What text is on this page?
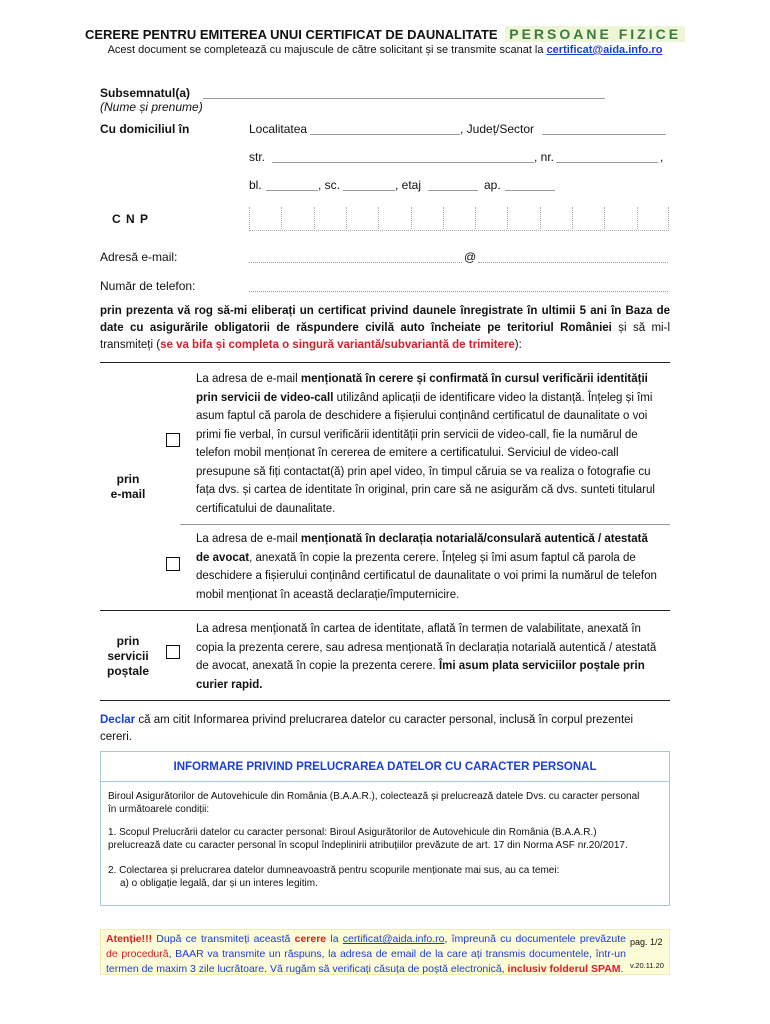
CERERE PENTRU EMITEREA UNUI CERTIFICAT DE DAUNALITATE PERSOANE FIZICE
Acest document se completează cu majuscule de către solicitant și se transmite scanat la certificat@aida.info.ro
Subsemnatul(a)
(Nume și prenume)
Cu domiciliul în	Localitatea	, Județ/Sector
str.	, nr.	,
bl.	, sc.	, etaj	ap.
C N P
Adresă e-mail:	@
Număr de telefon:
prin prezenta vă rog să-mi eliberați un certificat privind daunele înregistrate în ultimii 5 ani în Baza de date cu asigurările obligatorii de răspundere civilă auto încheiate pe teritoriul României și să mi-l transmiteți (se va bifa și completa o singură variantă/subvariantă de trimitere):
prin
e-mail
La adresa de e-mail menționată în cerere și confirmată în cursul verificării identității
prin servicii de video-call utilizând aplicații de identificare video la distanță. Înțeleg și îmi
asum faptul că parola de deschidere a fișierului conținând certificatul de daunalitate o voi
primi fie verbal, în cursul verificării identității prin servicii de video-call, fie la numărul de
telefon mobil menționat în cererea de emitere a certificatului. Serviciul de video-call
presupune să fiți contactat(ă) prin apel video, în timpul căruia se va realiza o fotografie cu
fața dvs. și cartea de identitate în original, prin care să ne asigurăm că dvs. sunteti titularul
certificatului de daunalitate.
La adresa de e-mail menționată în declarația notarială/consulară autentică / atestată
de avocat, anexată în copie la prezenta cerere. Înțeleg și îmi asum faptul că parola de
deschidere a fișierului conținând certificatul de daunalitate o voi primi la numărul de telefon
mobil menționat în această declarație/împuternicire.
prin
servicii
poștale
La adresa menționată în cartea de identitate, aflată în termen de valabilitate, anexată în
copia la prezenta cerere, sau adresa menționată în declarația notarială autentică / atestată
de avocat, anexată în copie la prezenta cerere. Îmi asum plata serviciilor poștale prin
curier rapid.
Declar că am citit Informarea privind prelucrarea datelor cu caracter personal, inclusă în corpul prezentei
cereri.
INFORMARE PRIVIND PRELUCRAREA DATELOR CU CARACTER PERSONAL
Biroul Asigurătorilor de Autovehicule din România (B.A.A.R.), colectează și prelucrează datele Dvs. cu caracter personal
în următoarele condiții:
1. Scopul Prelucrării datelor cu caracter personal: Biroul Asigurătorilor de Autovehicule din România (B.A.A.R.)
prelucrează date cu caracter personal în scopul îndeplinirii atribuțiilor prevăzute de art. 17 din Norma ASF nr.20/2017.
2. Colectarea și prelucrarea datelor dumneavoastră pentru scopurile menționate mai sus, au ca temei:
a) o obligație legală, dar și un interes legitim.
Atenție!!! După ce transmiteți această cerere la certificat@aida.info.ro, împreună cu documentele prevăzute de procedură, BAAR va transmite un răspuns, la adresa de email de la care ați transmis documentele, într-un termen de maxim 3 zile lucrătoare. Vă rugăm să verificați căsuța de poștă electronică, inclusiv folderul SPAM.
pag. 1/2
v.20.11.20
